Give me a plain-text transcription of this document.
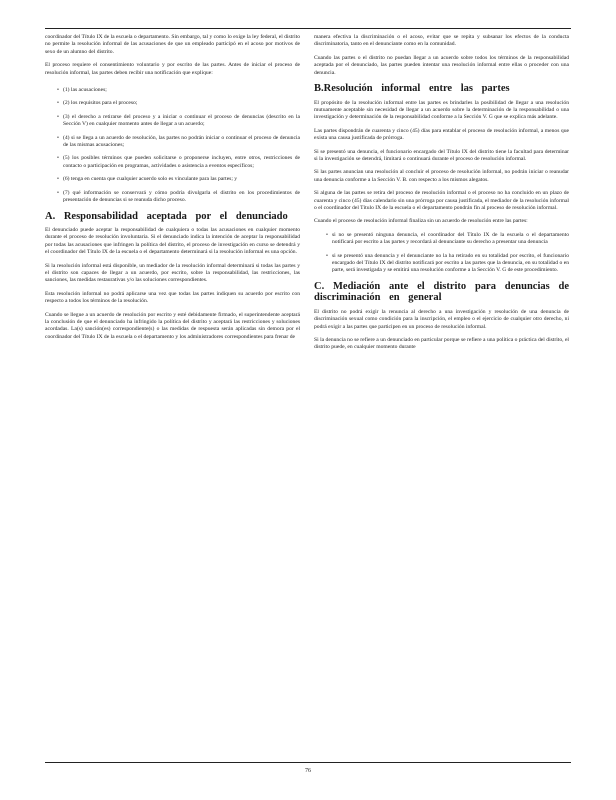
coordinador del Título IX de la escuela o departamento. Sin embargo, tal y como lo exige la ley federal, el distrito no permite la resolución informal de las acusaciones de que un empleado participó en el acoso por motivos de sexo de un alumno del distrito.

El proceso requiere el consentimiento voluntario y por escrito de las partes. Antes de iniciar el proceso de resolución informal, las partes deben recibir una notificación que explique:

• (1) las acusaciones;
• (2) los requisitos para el proceso;
• (3) el derecho a retirarse del proceso y a iniciar o continuar el proceso de denuncias (descrito en la Sección V) en cualquier momento antes de llegar a un acuerdo;
• (4) si se llega a un acuerdo de resolución, las partes no podrán iniciar o continuar el proceso de denuncia de las mismas acusaciones;
• (5) los posibles términos que pueden solicitarse o proponerse incluyen, entre otros, restricciones de contacto o participación en programas, actividades o asistencia a eventos específicos;
• (6) tenga en cuenta que cualquier acuerdo solo es vinculante para las partes; y
• (7) qué información se conservará y cómo podría divulgarla el distrito en los procedimientos de presentación de denuncias si se reanuda dicho proceso.
A. Responsabilidad aceptada por el denunciado

El denunciado puede aceptar la responsabilidad de cualquiera o todas las acusaciones en cualquier momento durante el proceso de resolución involuntaria. Si el denunciado indica la intención de aceptar la responsabilidad por todas las acusaciones que infringen la política del distrito, el proceso de investigación en curso se detendrá y el coordinador del Título IX de la escuela o el departamento determinará si la resolución informal es una opción.

Si la resolución informal está disponible, un mediador de la resolución informal determinará si todas las partes y el distrito son capaces de llegar a un acuerdo, por escrito, sobre la responsabilidad, las restricciones, las sanciones, las medidas restaurativas y/o las soluciones correspondientes.

Esta resolución informal no podrá aplicarse una vez que todas las partes indiquen su acuerdo por escrito con respecto a todos los términos de la resolución.

Cuando se llegue a un acuerdo de resolución por escrito y esté debidamente firmado, el superintendente aceptará la conclusión de que el denunciado ha infringido la política del distrito y aceptará las restricciones y soluciones acordadas. La(s) sanción(es) correspondiente(s) o las medidas de respuesta serán aplicadas sin demora por el coordinador del Título IX de la escuela o el departamento y los administradores correspondientes para frenar de

manera efectiva la discriminación o el acoso, evitar que se repita y subsanar los efectos de la conducta discriminatoria, tanto en el denunciante como en la comunidad.

Cuando las partes o el distrito no puedan llegar a un acuerdo sobre todos los términos de la responsabilidad aceptada por el denunciado, las partes pueden intentar una resolución informal entre ellas o proceder con una denuncia.

B.Resolución informal entre las partes

El propósito de la resolución informal entre las partes es brindarles la posibilidad de llegar a una resolución mutuamente aceptable sin necesidad de llegar a un acuerdo sobre la determinación de la responsabilidad o una investigación y determinación de la responsabilidad conforme a la Sección V. G que se explica más adelante.

Las partes dispondrán de cuarenta y cinco (45) días para entablar el proceso de resolución informal, a menos que exista una causa justificada de prórroga.

Si se presentó una denuncia, el funcionario encargado del Título IX del distrito tiene la facultad para determinar si la investigación se detendrá, limitará o continuará durante el proceso de resolución informal.

Si las partes anuncian una resolución al concluir el proceso de resolución informal, no podrán iniciar o reanudar una denuncia conforme a la Sección V. B. con respecto a los mismos alegatos.

Si alguna de las partes se retira del proceso de resolución informal o el proceso no ha concluido en un plazo de cuarenta y cinco (45) días calendario sin una prórroga por causa justificada, el mediador de la resolución informal o el coordinador del Título IX de la escuela o el departamento pondrán fin al proceso de resolución informal.

Cuando el proceso de resolución informal finaliza sin un acuerdo de resolución entre las partes:

• si no se presentó ninguna denuncia, el coordinador del Título IX de la escuela o el departamento notificará por escrito a las partes y recordará al denunciante su derecho a presentar una denuncia
• si se presentó una denuncia y el denunciante no la ha retirado en su totalidad por escrito, el funcionario encargado del Título IX del distrito notificará por escrito a las partes que la denuncia, en su totalidad o en parte, será investigada y se emitirá una resolución conforme a la Sección V. G de este procedimiento.
C. Mediación ante el distrito para denuncias de discriminación en general

El distrito no podrá exigir la renuncia al derecho a una investigación y resolución de una denuncia de discriminación sexual como condición para la inscripción, el empleo o el ejercicio de cualquier otro derecho, ni podrá exigir a las partes que participen en un proceso de resolución informal.

Si la denuncia no se refiere a un denunciado en particular porque se refiere a una política o práctica del distrito, el distrito puede, en cualquier momento durante

76
